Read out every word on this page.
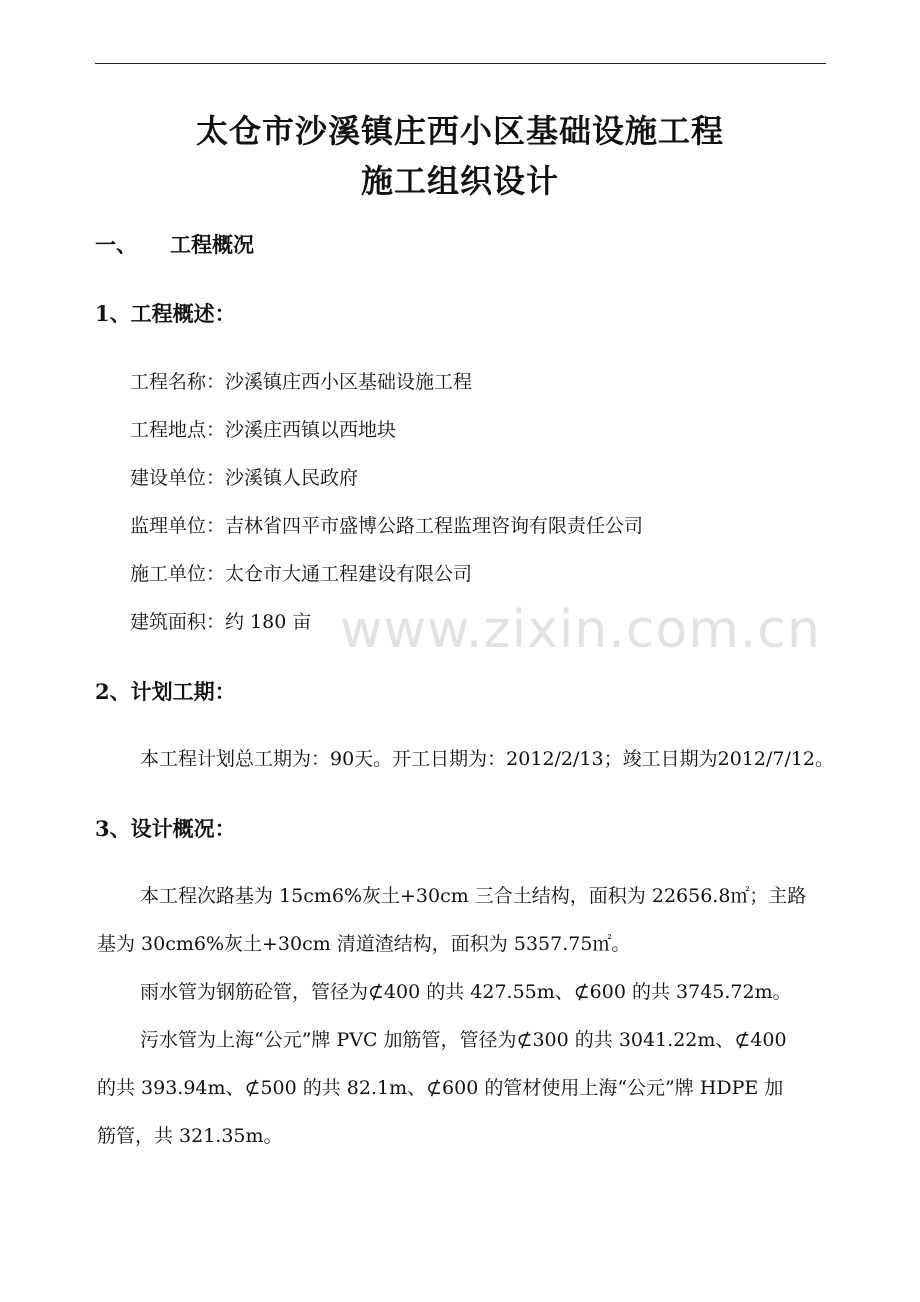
太仓市沙溪镇庄西小区基础设施工程
施工组织设计
一、 工程概况
1、工程概述：
工程名称：沙溪镇庄西小区基础设施工程
工程地点：沙溪庄西镇以西地块
建设单位：沙溪镇人民政府
监理单位：吉林省四平市盛博公路工程监理咨询有限责任公司
施工单位：太仓市大通工程建设有限公司
建筑面积：约 180 亩
2、计划工期：
本工程计划总工期为：90天。开工日期为：2012/2/13；竣工日期为2012/7/12。
3、设计概况：
本工程次路基为 15cm6%灰土+30cm 三合土结构，面积为 22656.8㎡；主路
基为 30cm6%灰土+30cm 清道渣结构，面积为 5357.75㎡。
雨水管为钢筋砼管，管径为⊄400 的共 427.55m、⊄600 的共 3745.72m。
污水管为上海“公元”牌 PVC 加筋管，管径为⊄300 的共 3041.22m、⊄400
的共 393.94m、⊄500 的共 82.1m、⊄600 的管材使用上海“公元”牌 HDPE 加
筋管，共 321.35m。
www.zixin.com.cn
